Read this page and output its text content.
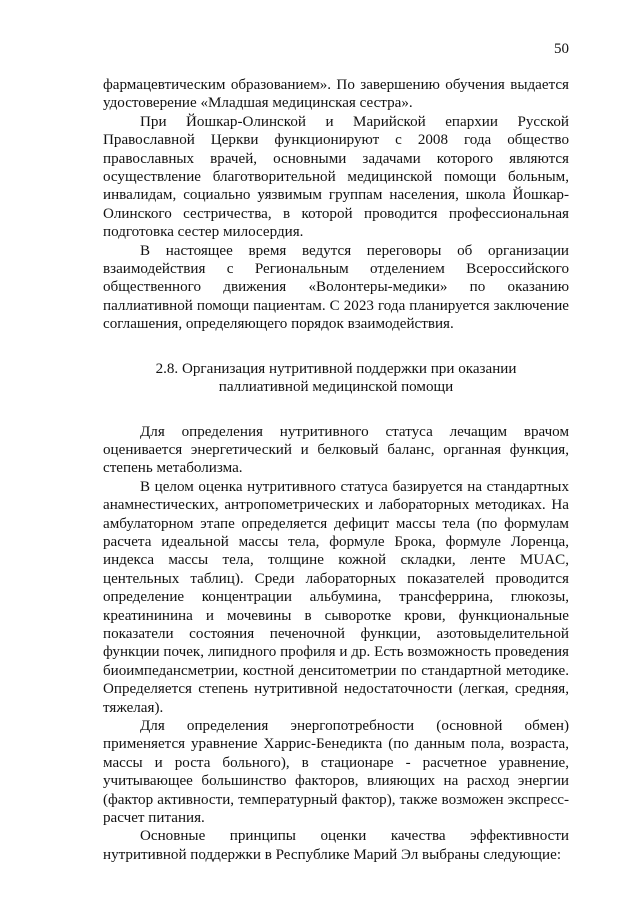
50

фармацевтическим образованием». По завершению обучения выдается удостоверение «Младшая медицинская сестра».

При Йошкар-Олинской и Марийской епархии Русской Православной Церкви функционируют с 2008 года общество православных врачей, основными задачами которого являются осуществление благотворительной медицинской помощи больным, инвалидам, социально уязвимым группам населения, школа Йошкар-Олинского сестричества, в которой проводится профессиональная подготовка сестер милосердия.

В настоящее время ведутся переговоры об организации взаимодействия с Региональным отделением Всероссийского общественного движения «Волонтеры-медики» по оказанию паллиативной помощи пациентам. С 2023 года планируется заключение соглашения, определяющего порядок взаимодействия.

2.8. Организация нутритивной поддержки при оказании
паллиативной медицинской помощи

Для определения нутритивного статуса лечащим врачом оценивается энергетический и белковый баланс, органная функция, степень метаболизма.

В целом оценка нутритивного статуса базируется на стандартных анамнестических, антропометрических и лабораторных методиках. На амбулаторном этапе определяется дефицит массы тела (по формулам расчета идеальной массы тела, формуле Брока, формуле Лоренца, индекса массы тела, толщине кожной складки, ленте MUAC, центельных таблиц). Среди лабораторных показателей проводится определение концентрации альбумина, трансферрина, глюкозы, креатининина и мочевины в сыворотке крови, функциональные показатели состояния печеночной функции, азотовыделительной функции почек, липидного профиля и др. Есть возможность проведения биоимпедансметрии, костной денситометрии по стандартной методике. Определяется степень нутритивной недостаточности (легкая, средняя, тяжелая).

Для определения энергопотребности (основной обмен) применяется уравнение Харрис-Бенедикта (по данным пола, возраста, массы и роста больного), в стационаре - расчетное уравнение, учитывающее большинство факторов, влияющих на расход энергии (фактор активности, температурный фактор), также возможен экспресс-расчет питания.

Основные принципы оценки качества эффективности нутритивной поддержки в Республике Марий Эл выбраны следующие:
